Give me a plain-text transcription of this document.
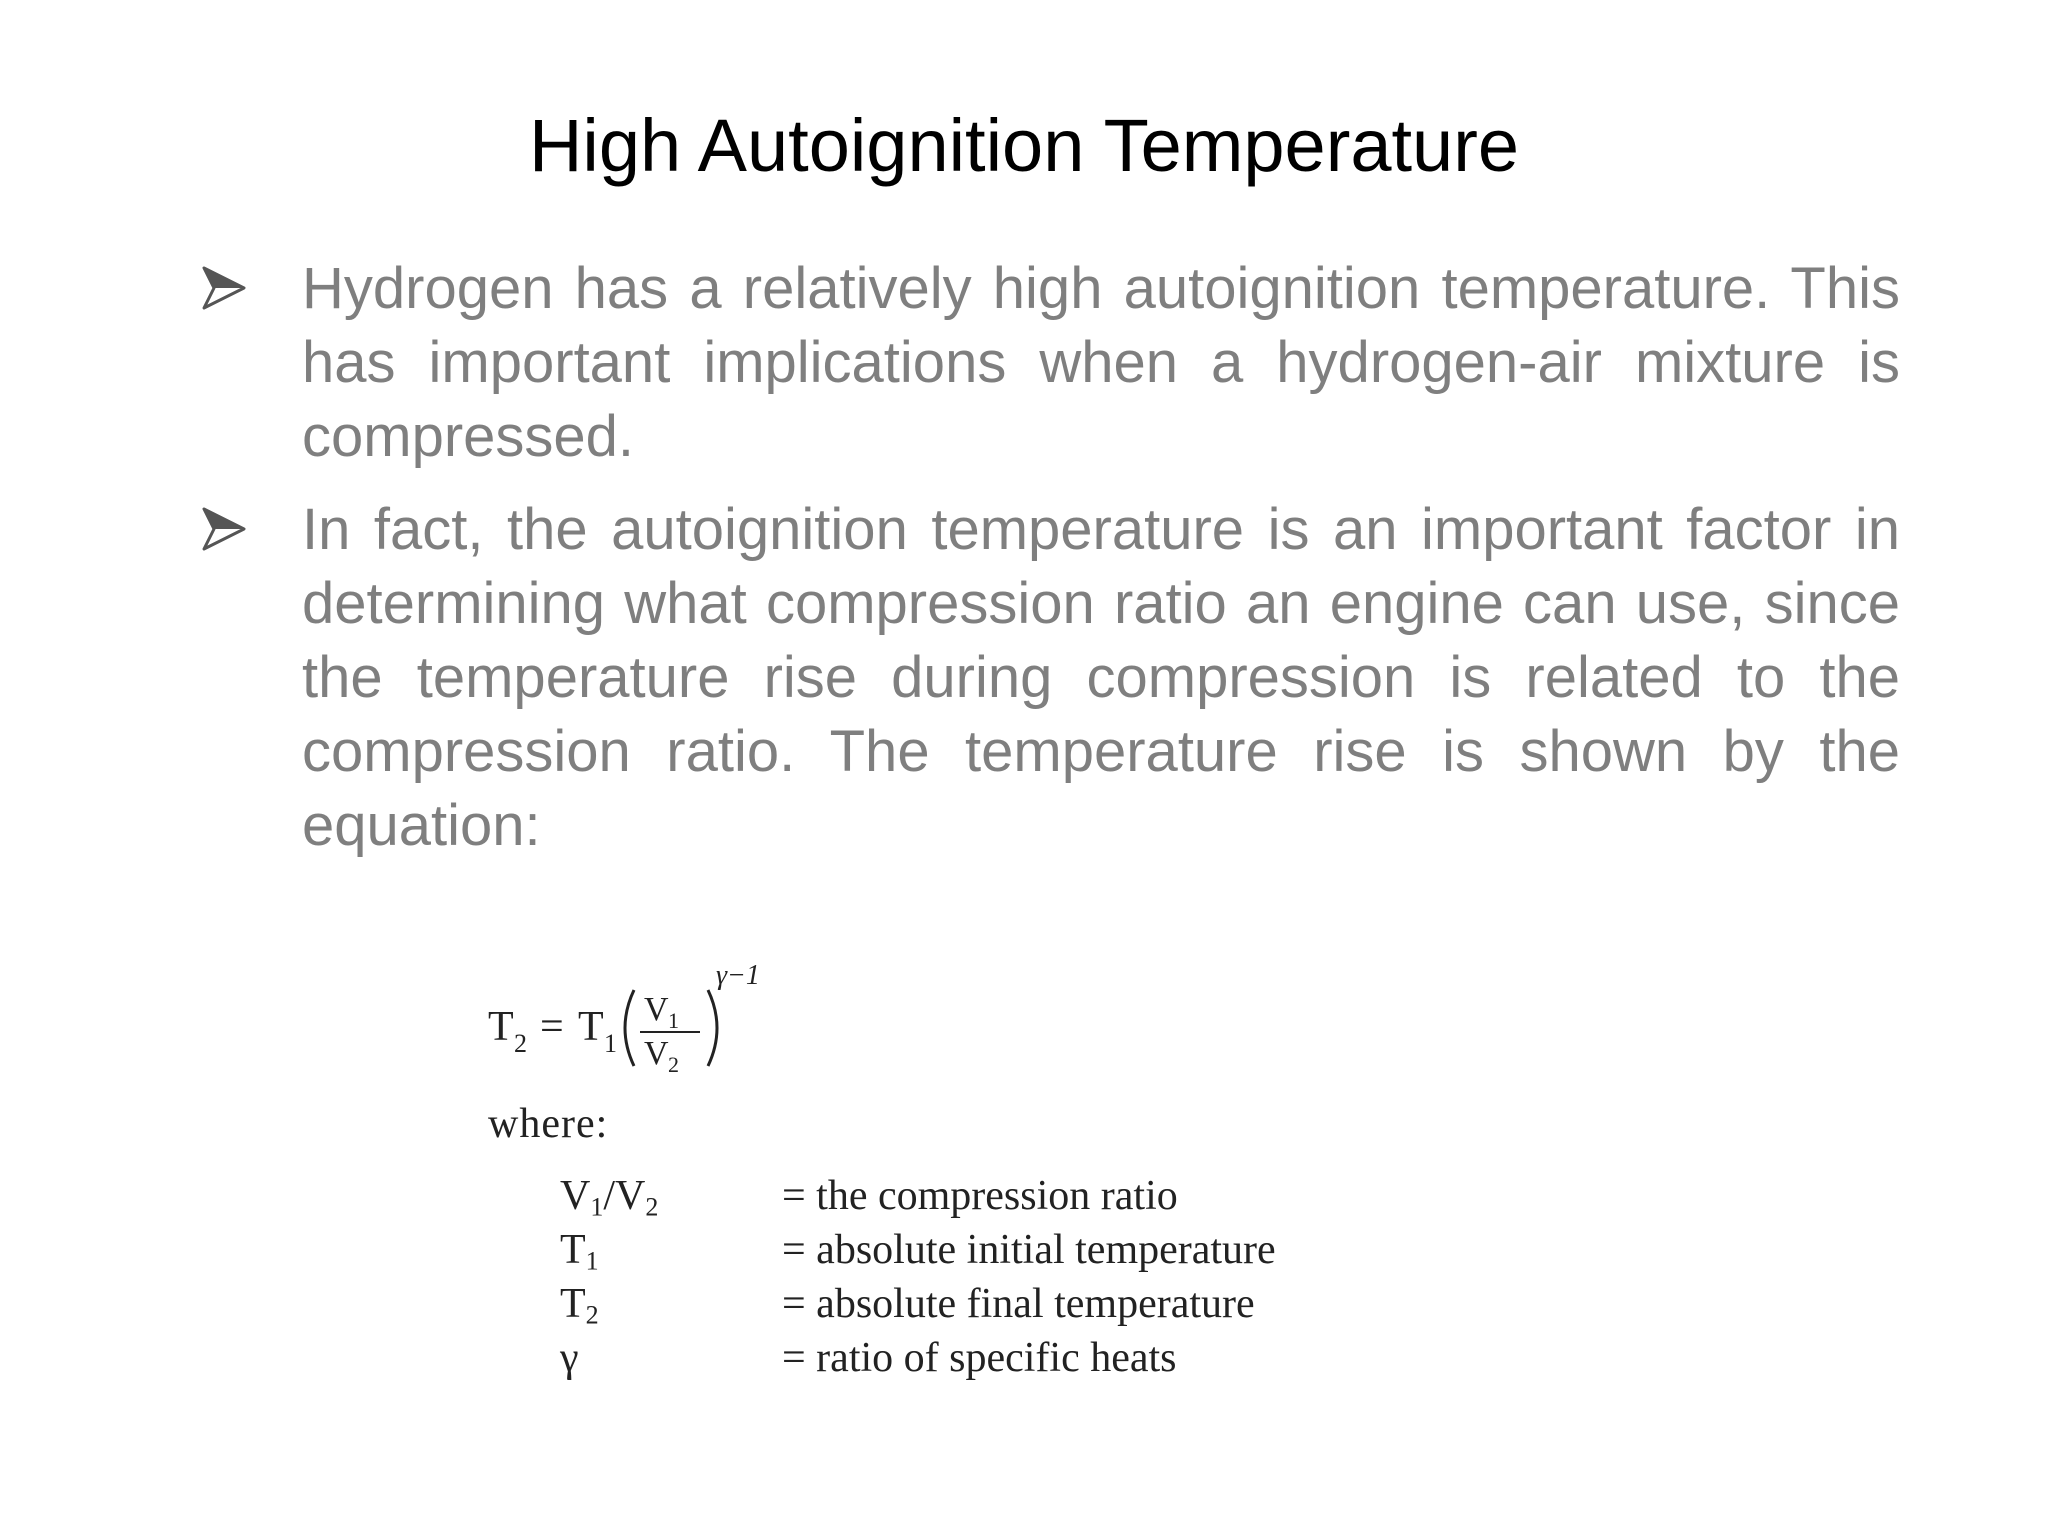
High Autoignition Temperature
Hydrogen has a relatively high autoignition temperature. This has important implications when a hydrogen-air mixture is compressed.
In fact, the autoignition temperature is an important factor in determining what compression ratio an engine can use, since the temperature rise during compression is related to the compression ratio. The temperature rise is shown by the equation:
T 2 = T 1
V 1
V 2
γ−1
where:
$V_1/V_2$	= the compression ratio
$T_1$	= absolute initial temperature
$T_2$	= absolute final temperature
γ	= ratio of specific heats
